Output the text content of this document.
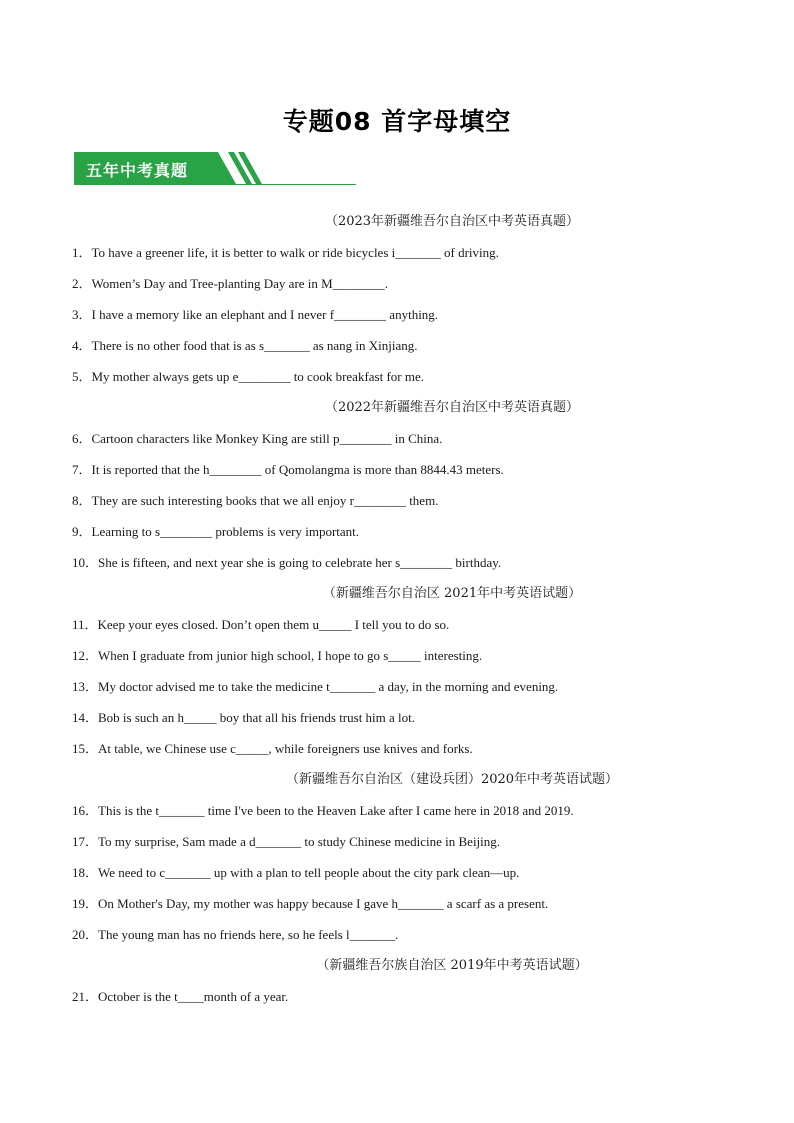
专题08 首字母填空
五年中考真题
（2023年新疆维吾尔自治区中考英语真题）
1．To have a greener life, it is better to walk or ride bicycles i_______ of driving.
2．Women’s Day and Tree-planting Day are in M________.
3．I have a memory like an elephant and I never f________ anything.
4．There is no other food that is as s_______ as nang in Xinjiang.
5．My mother always gets up e________ to cook breakfast for me.
（2022年新疆维吾尔自治区中考英语真题）
6．Cartoon characters like Monkey King are still p________ in China.
7．It is reported that the h________ of Qomolangma is more than 8844.43 meters.
8．They are such interesting books that we all enjoy r________ them.
9．Learning to s________ problems is very important.
10．She is fifteen, and next year she is going to celebrate her s________ birthday.
（新疆维吾尔自治区 2021年中考英语试题）
11．Keep your eyes closed. Don’t open them u_____ I tell you to do so.
12．When I graduate from junior high school, I hope to go s_____ interesting.
13．My doctor advised me to take the medicine t_______ a day, in the morning and evening.
14．Bob is such an h_____ boy that all his friends trust him a lot.
15．At table, we Chinese use c_____, while foreigners use knives and forks.
（新疆维吾尔自治区（建设兵团）2020年中考英语试题）
16．This is the t_______ time I've been to the Heaven Lake after I came here in 2018 and 2019.
17．To my surprise, Sam made a d_______ to study Chinese medicine in Beijing.
18．We need to c_______ up with a plan to tell people about the city park clean—up.
19．On Mother's Day, my mother was happy because I gave h_______ a scarf as a present.
20．The young man has no friends here, so he feels l_______.
（新疆维吾尔族自治区 2019年中考英语试题）
21．October is the t____month of a year.
